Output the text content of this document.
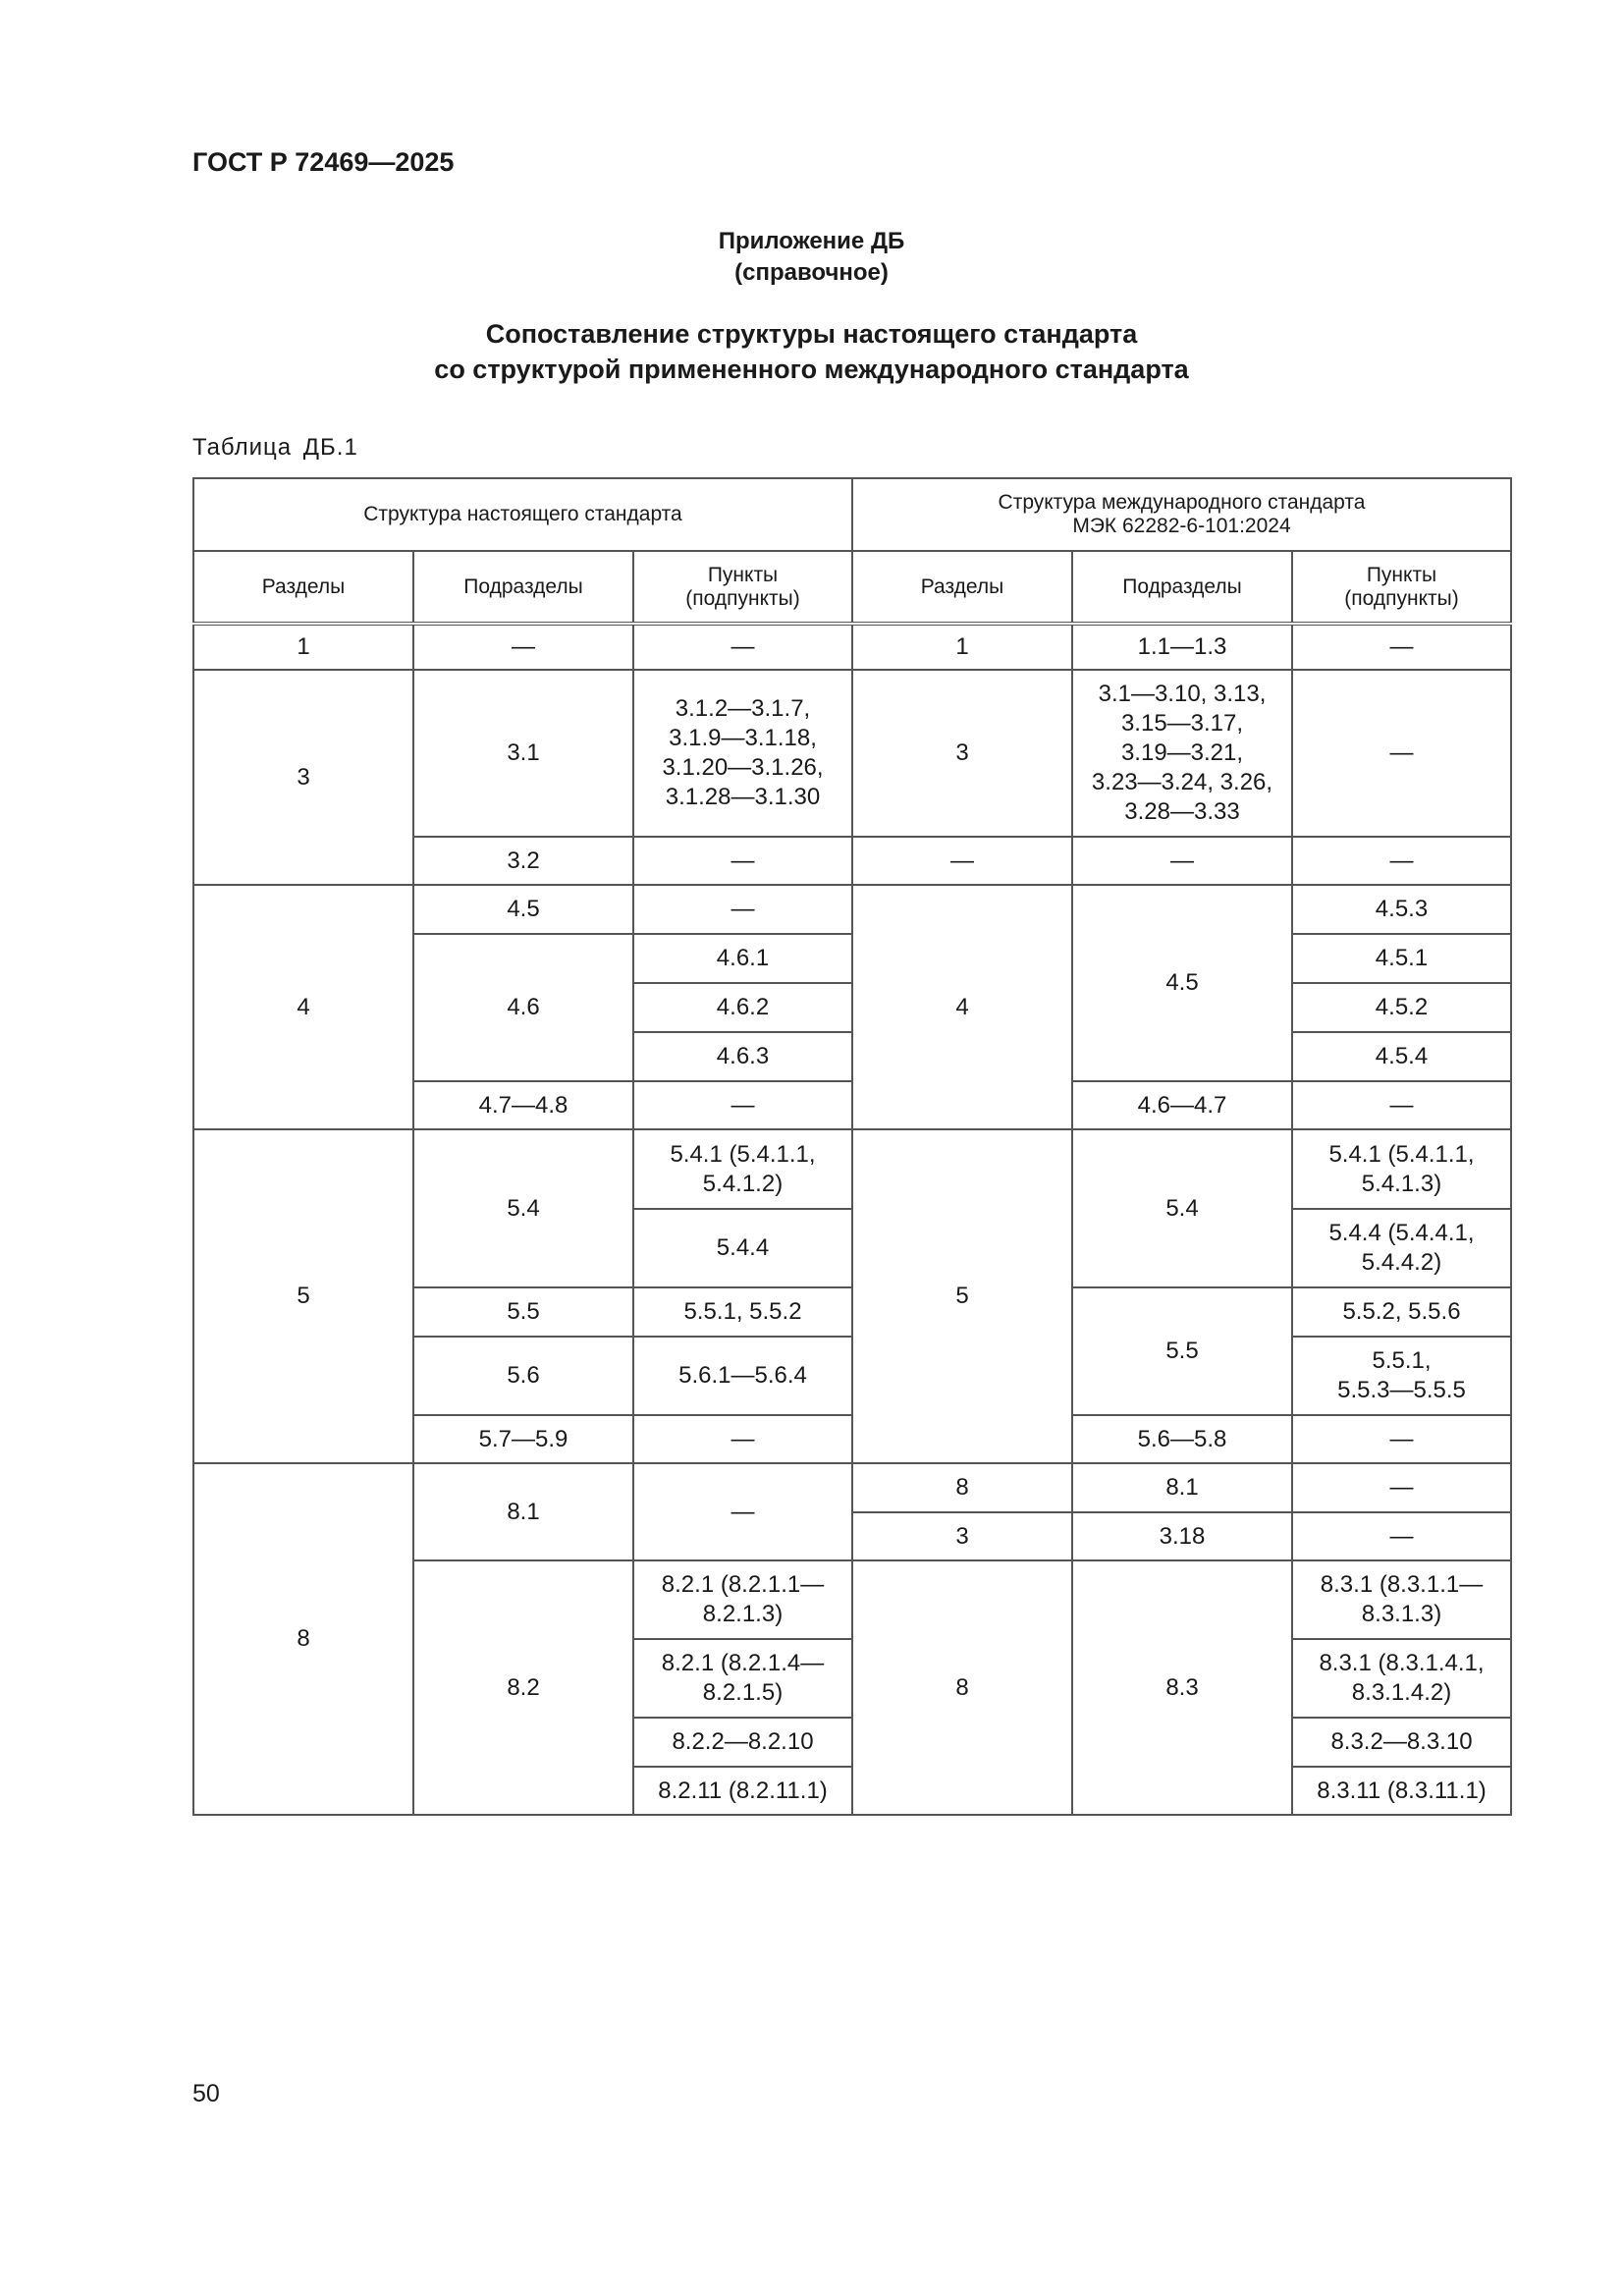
ГОСТ Р 72469—2025
Приложение ДБ
(справочное)
Сопоставление структуры настоящего стандарта
со структурой примененного международного стандарта
Таблица ДБ.1
Структура настоящего стандарта			Структура международного стандарта
МЭК 62282-6-101:2024		
Разделы	Подразделы	Пункты
(подпункты)	Разделы	Подразделы	Пункты
(подпункты)
1	—	—	1	1.1—1.3	—
3	3.1	3.1.2—3.1.7,
3.1.9—3.1.18,
3.1.20—3.1.26,
3.1.28—3.1.30	3	3.1—3.10, 3.13,
3.15—3.17,
3.19—3.21,
3.23—3.24, 3.26,
3.28—3.33	—
	3.2	—	—	—	—
4	4.5	—	4	4.5	4.5.3
	4.6	4.6.1			4.5.1
		4.6.2			4.5.2
		4.6.3			4.5.4
	4.7—4.8	—		4.6—4.7	—
5	5.4	5.4.1 (5.4.1.1,
5.4.1.2)	5	5.4	5.4.1 (5.4.1.1,
5.4.1.3)
		5.4.4			5.4.4 (5.4.4.1,
5.4.4.2)
	5.5	5.5.1, 5.5.2		5.5	5.5.2, 5.5.6
	5.6	5.6.1—5.6.4			5.5.1,
5.5.3—5.5.5
	5.7—5.9	—		5.6—5.8	—
8	8.1	—	8	8.1	—
			3	3.18	—
	8.2	8.2.1 (8.2.1.1—
8.2.1.3)	8	8.3	8.3.1 (8.3.1.1—
8.3.1.3)
		8.2.1 (8.2.1.4—
8.2.1.5)			8.3.1 (8.3.1.4.1,
8.3.1.4.2)
		8.2.2—8.2.10			8.3.2—8.3.10
		8.2.11 (8.2.11.1)			8.3.11 (8.3.11.1)
50
